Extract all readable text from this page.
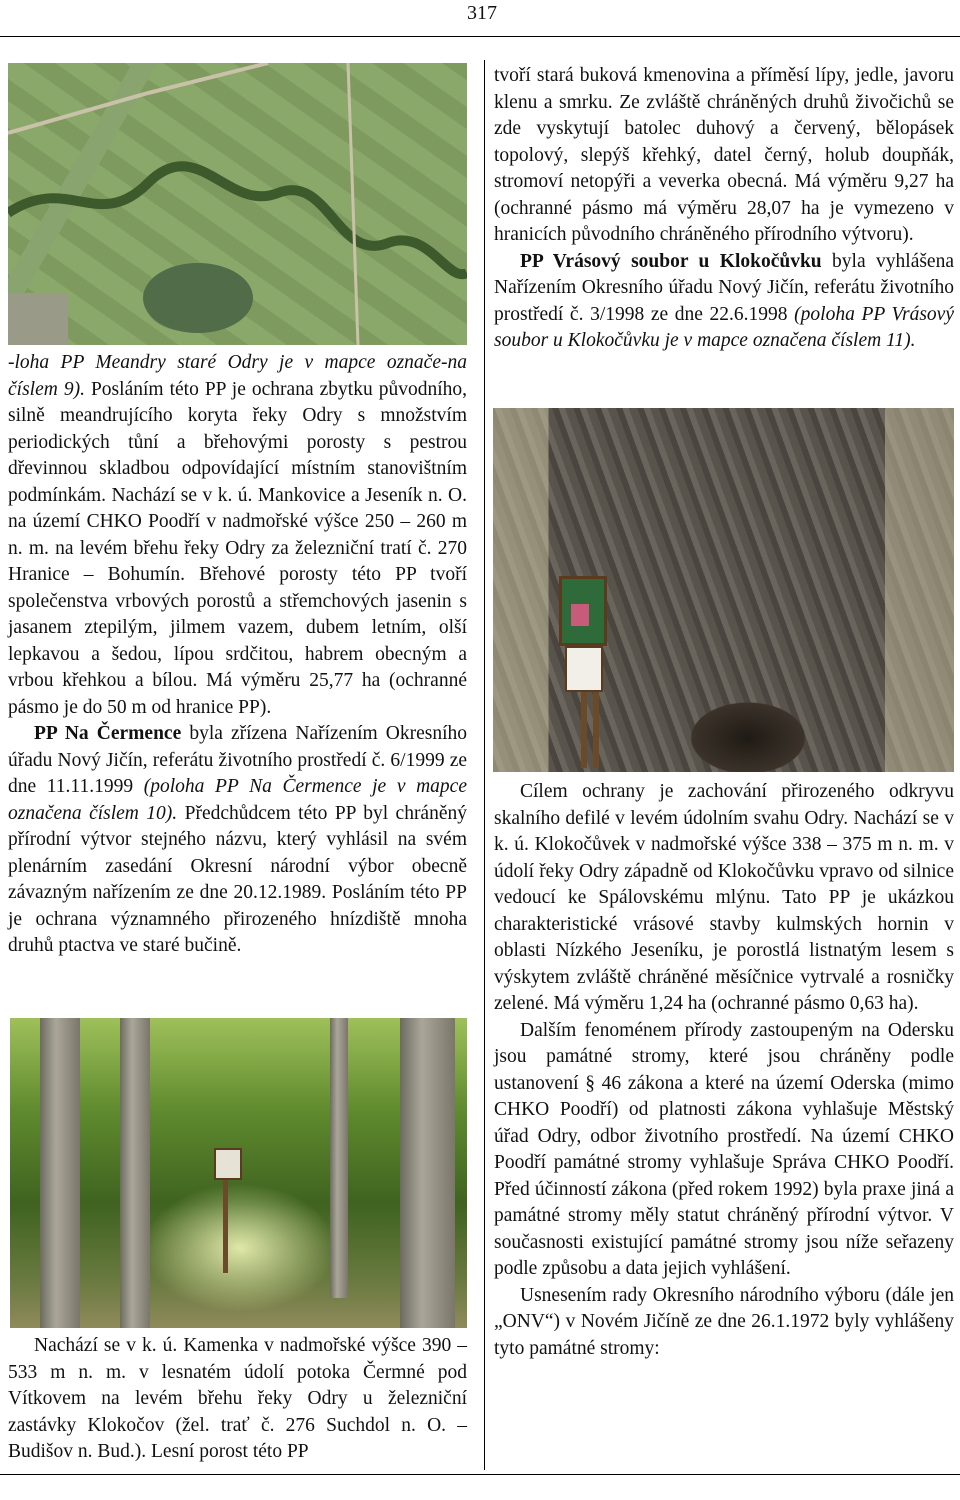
317

-loha PP Meandry staré Odry je v mapce označe-na číslem 9). Posláním této PP je ochrana zbytku původního, silně meandrujícího koryta řeky Odry s množstvím periodických tůní a břehovými porosty s pestrou dřevinnou skladbou odpovídající místním stanovištním podmínkám. Nachází se v k. ú. Mankovice a Jeseník n. O. na území CHKO Poodří v nadmořské výšce 250 – 260 m n. m. na levém břehu řeky Odry za železniční tratí č. 270 Hranice – Bohumín. Břehové porosty této PP tvoří společenstva vrbových porostů a střemchových jasenin s jasanem ztepilým, jilmem vazem, dubem letním, olší lepkavou a šedou, lípou srdčitou, habrem obecným a vrbou křehkou a bílou. Má výměru 25,77 ha (ochranné pásmo je do 50 m od hranice PP).

PP Na Čermence byla zřízena Nařízením Okresního úřadu Nový Jičín, referátu životního prostředí č. 6/1999 ze dne 11.11.1999 (poloha PP Na Čermence je v mapce označena číslem 10). Předchůdcem této PP byl chráněný přírodní výtvor stejného názvu, který vyhlásil na svém plenárním zasedání Okresní národní výbor obecně závazným nařízením ze dne 20.12.1989. Posláním této PP je ochrana významného přirozeného hnízdiště mnoha druhů ptactva ve staré bučině.

Nachází se v k. ú. Kamenka v nadmořské výšce 390 – 533 m n. m. v lesnatém údolí potoka Čermné pod Vítkovem na levém břehu řeky Odry u železniční zastávky Klokočov (žel. trať č. 276 Suchdol n. O. – Budišov n. Bud.). Lesní porost této PP

tvoří stará buková kmenovina a příměsí lípy, jedle, javoru klenu a smrku. Ze zvláště chráněných druhů živočichů se zde vyskytují batolec duhový a červený, bělopásek topolový, slepýš křehký, datel černý, holub doupňák, stromoví netopýři a veverka obecná. Má výměru 9,27 ha (ochranné pásmo má výměru 28,07 ha je vymezeno v hranicích původního chráněného přírodního výtvoru).

PP Vrásový soubor u Klokočůvku byla vyhlášena Nařízením Okresního úřadu Nový Jičín, referátu životního prostředí č. 3/1998 ze dne 22.6.1998 (poloha PP Vrásový soubor u Klokočůvku je v mapce označena číslem 11).

Cílem ochrany je zachování přirozeného odkryvu skalního defilé v levém údolním svahu Odry. Nachází se v k. ú. Klokočůvek v nadmořské výšce 338 – 375 m n. m. v údolí řeky Odry západně od Klokočůvku vpravo od silnice vedoucí ke Spálovskému mlýnu. Tato PP je ukázkou charakteristické vrásové stavby kulmských hornin v oblasti Nízkého Jeseníku, je porostlá listnatým lesem s výskytem zvláště chráněné měsíčnice vytrvalé a rosničky zelené. Má výměru 1,24 ha (ochranné pásmo 0,63 ha).

Dalším fenoménem přírody zastoupeným na Odersku jsou památné stromy, které jsou chráněny podle ustanovení § 46 zákona a které na území Oderska (mimo CHKO Poodří) od platnosti zákona vyhlašuje Městský úřad Odry, odbor životního prostředí. Na území CHKO Poodří památné stromy vyhlašuje Správa CHKO Poodří. Před účinností zákona (před rokem 1992) byla praxe jiná a památné stromy měly statut chráněný přírodní výtvor. V současnosti existující památné stromy jsou níže seřazeny podle způsobu a data jejich vyhlášení.

Usnesením rady Okresního národního výboru (dále jen „ONV“) v Novém Jičíně ze dne 26.1.1972 byly vyhlášeny tyto památné stromy:
